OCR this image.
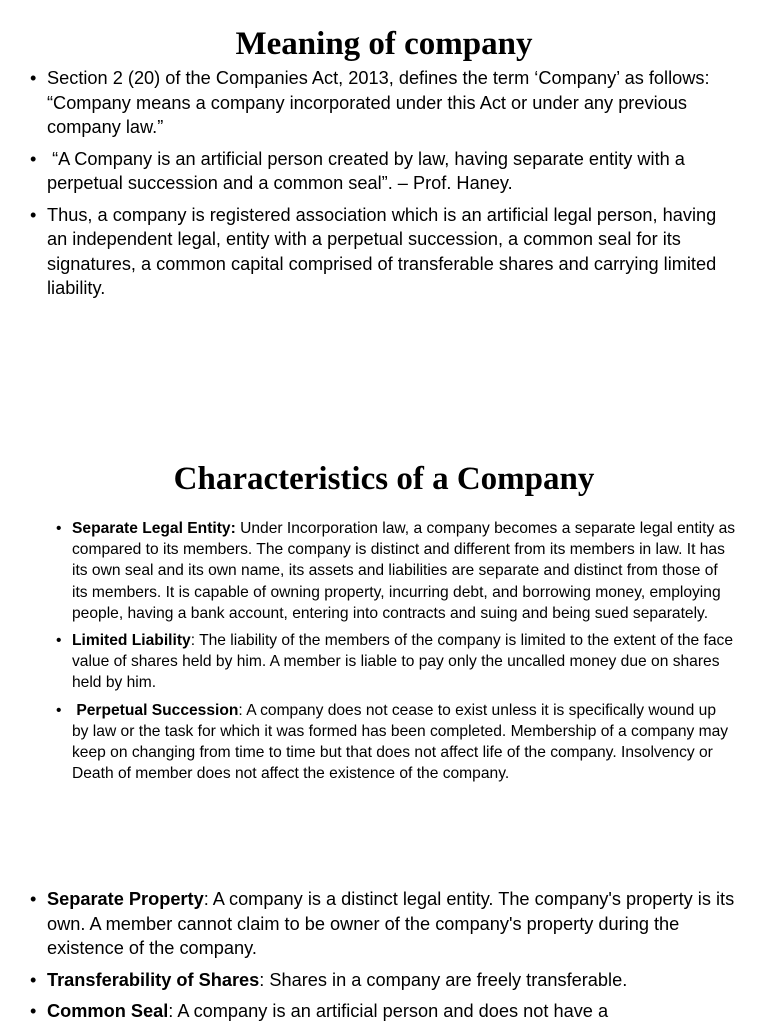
Meaning of company
• Section 2 (20) of the Companies Act, 2013, defines the term ‘Company’ as follows: “Company means a company incorporated under this Act or under any previous company law.”
• “A Company is an artificial person created by law, having separate entity with a perpetual succession and a common seal”. – Prof. Haney.
• Thus, a company is registered association which is an artificial legal person, having an independent legal, entity with a perpetual succession, a common seal for its signatures, a common capital comprised of transferable shares and carrying limited liability.
Characteristics of a Company
• Separate Legal Entity: Under Incorporation law, a company becomes a separate legal entity as compared to its members. The company is distinct and different from its members in law. It has its own seal and its own name, its assets and liabilities are separate and distinct from those of its members. It is capable of owning property, incurring debt, and borrowing money, employing people, having a bank account, entering into contracts and suing and being sued separately.
• Limited Liability: The liability of the members of the company is limited to the extent of the face value of shares held by him. A member is liable to pay only the uncalled money due on shares held by him.
• Perpetual Succession: A company does not cease to exist unless it is specifically wound up by law or the task for which it was formed has been completed. Membership of a company may keep on changing from time to time but that does not affect life of the company. Insolvency or Death of member does not affect the existence of the company.
• Separate Property: A company is a distinct legal entity. The company's property is its own. A member cannot claim to be owner of the company's property during the existence of the company.
• Transferability of Shares: Shares in a company are freely transferable.
• Common Seal: A company is an artificial person and does not have a
